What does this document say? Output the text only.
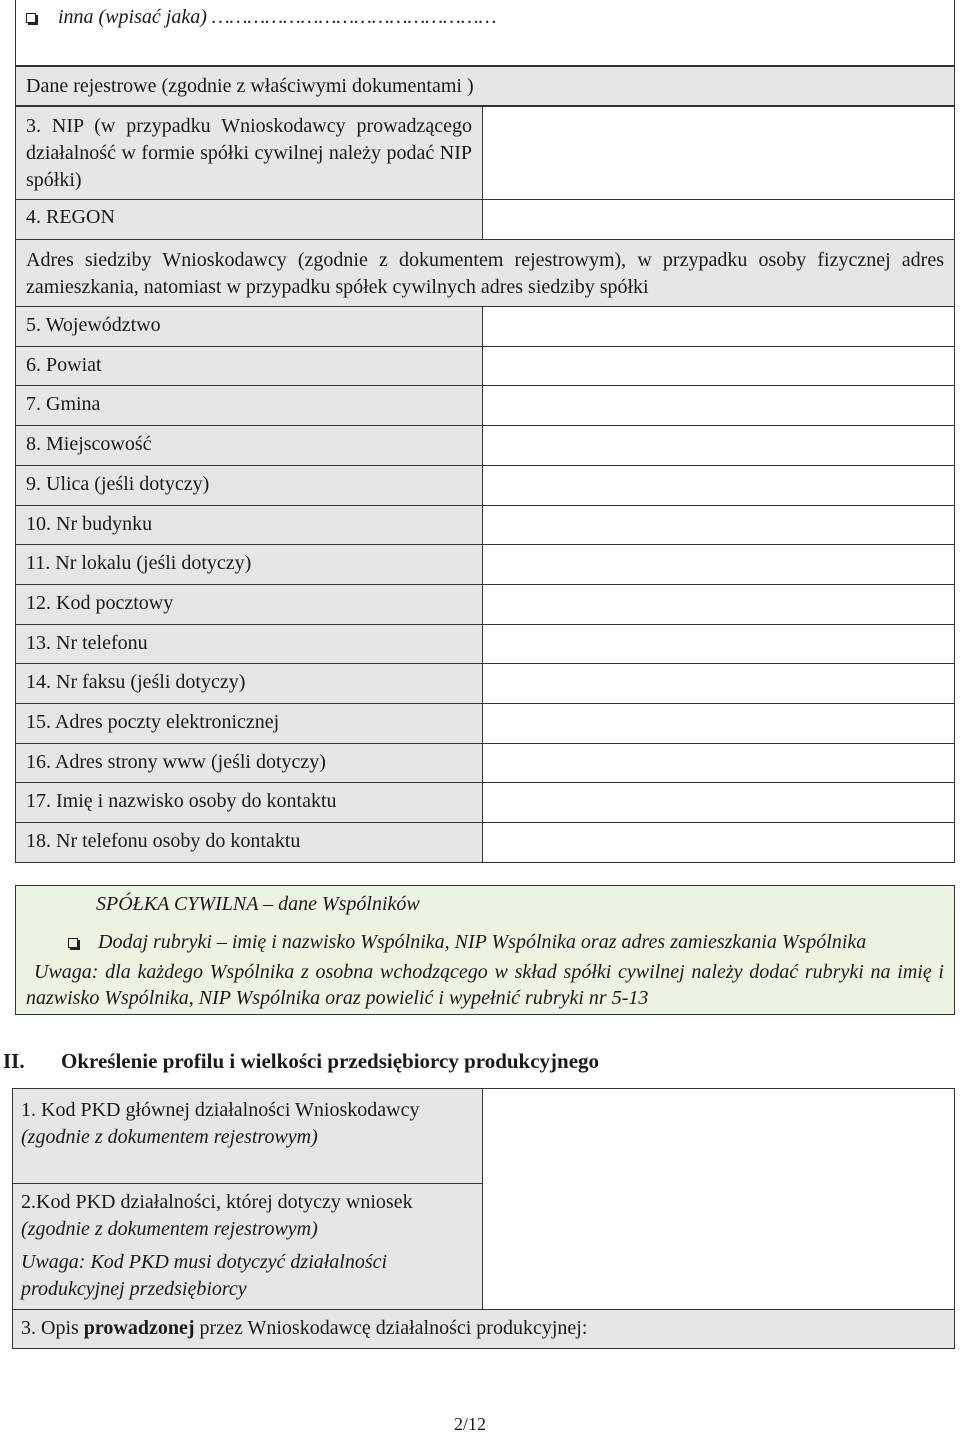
inna (wpisać jaka) …………………………………………
Dane rejestrowe (zgodnie z właściwymi dokumentami )
3. NIP (w przypadku Wnioskodawcy prowadzącego działalność w formie spółki cywilnej należy podać NIP spółki)
4. REGON
Adres siedziby Wnioskodawcy (zgodnie z dokumentem rejestrowym), w przypadku osoby fizycznej adres zamieszkania, natomiast w przypadku spółek cywilnych adres siedziby spółki
5. Województwo
6. Powiat
7. Gmina
8. Miejscowość
9. Ulica (jeśli dotyczy)
10. Nr budynku
11. Nr lokalu (jeśli dotyczy)
12. Kod pocztowy
13. Nr telefonu
14. Nr faksu (jeśli dotyczy)
15. Adres poczty elektronicznej
16. Adres strony www (jeśli dotyczy)
17. Imię i nazwisko osoby do kontaktu
18. Nr telefonu osoby do kontaktu
SPÓŁKA CYWILNA – dane Wspólników
Dodaj rubryki – imię i nazwisko Wspólnika, NIP Wspólnika oraz adres zamieszkania Wspólnika
Uwaga: dla każdego Wspólnika z osobna wchodzącego w skład spółki cywilnej należy dodać rubryki na imię i nazwisko Wspólnika, NIP Wspólnika oraz powielić i wypełnić rubryki nr 5-13
II. Określenie profilu i wielkości przedsiębiorcy produkcyjnego
1. Kod PKD głównej działalności Wnioskodawcy (zgodnie z dokumentem rejestrowym)
2.Kod PKD działalności, której dotyczy wniosek (zgodnie z dokumentem rejestrowym)
Uwaga: Kod PKD musi dotyczyć działalności produkcyjnej przedsiębiorcy
3. Opis prowadzonej przez Wnioskodawcę działalności produkcyjnej:
2/12
